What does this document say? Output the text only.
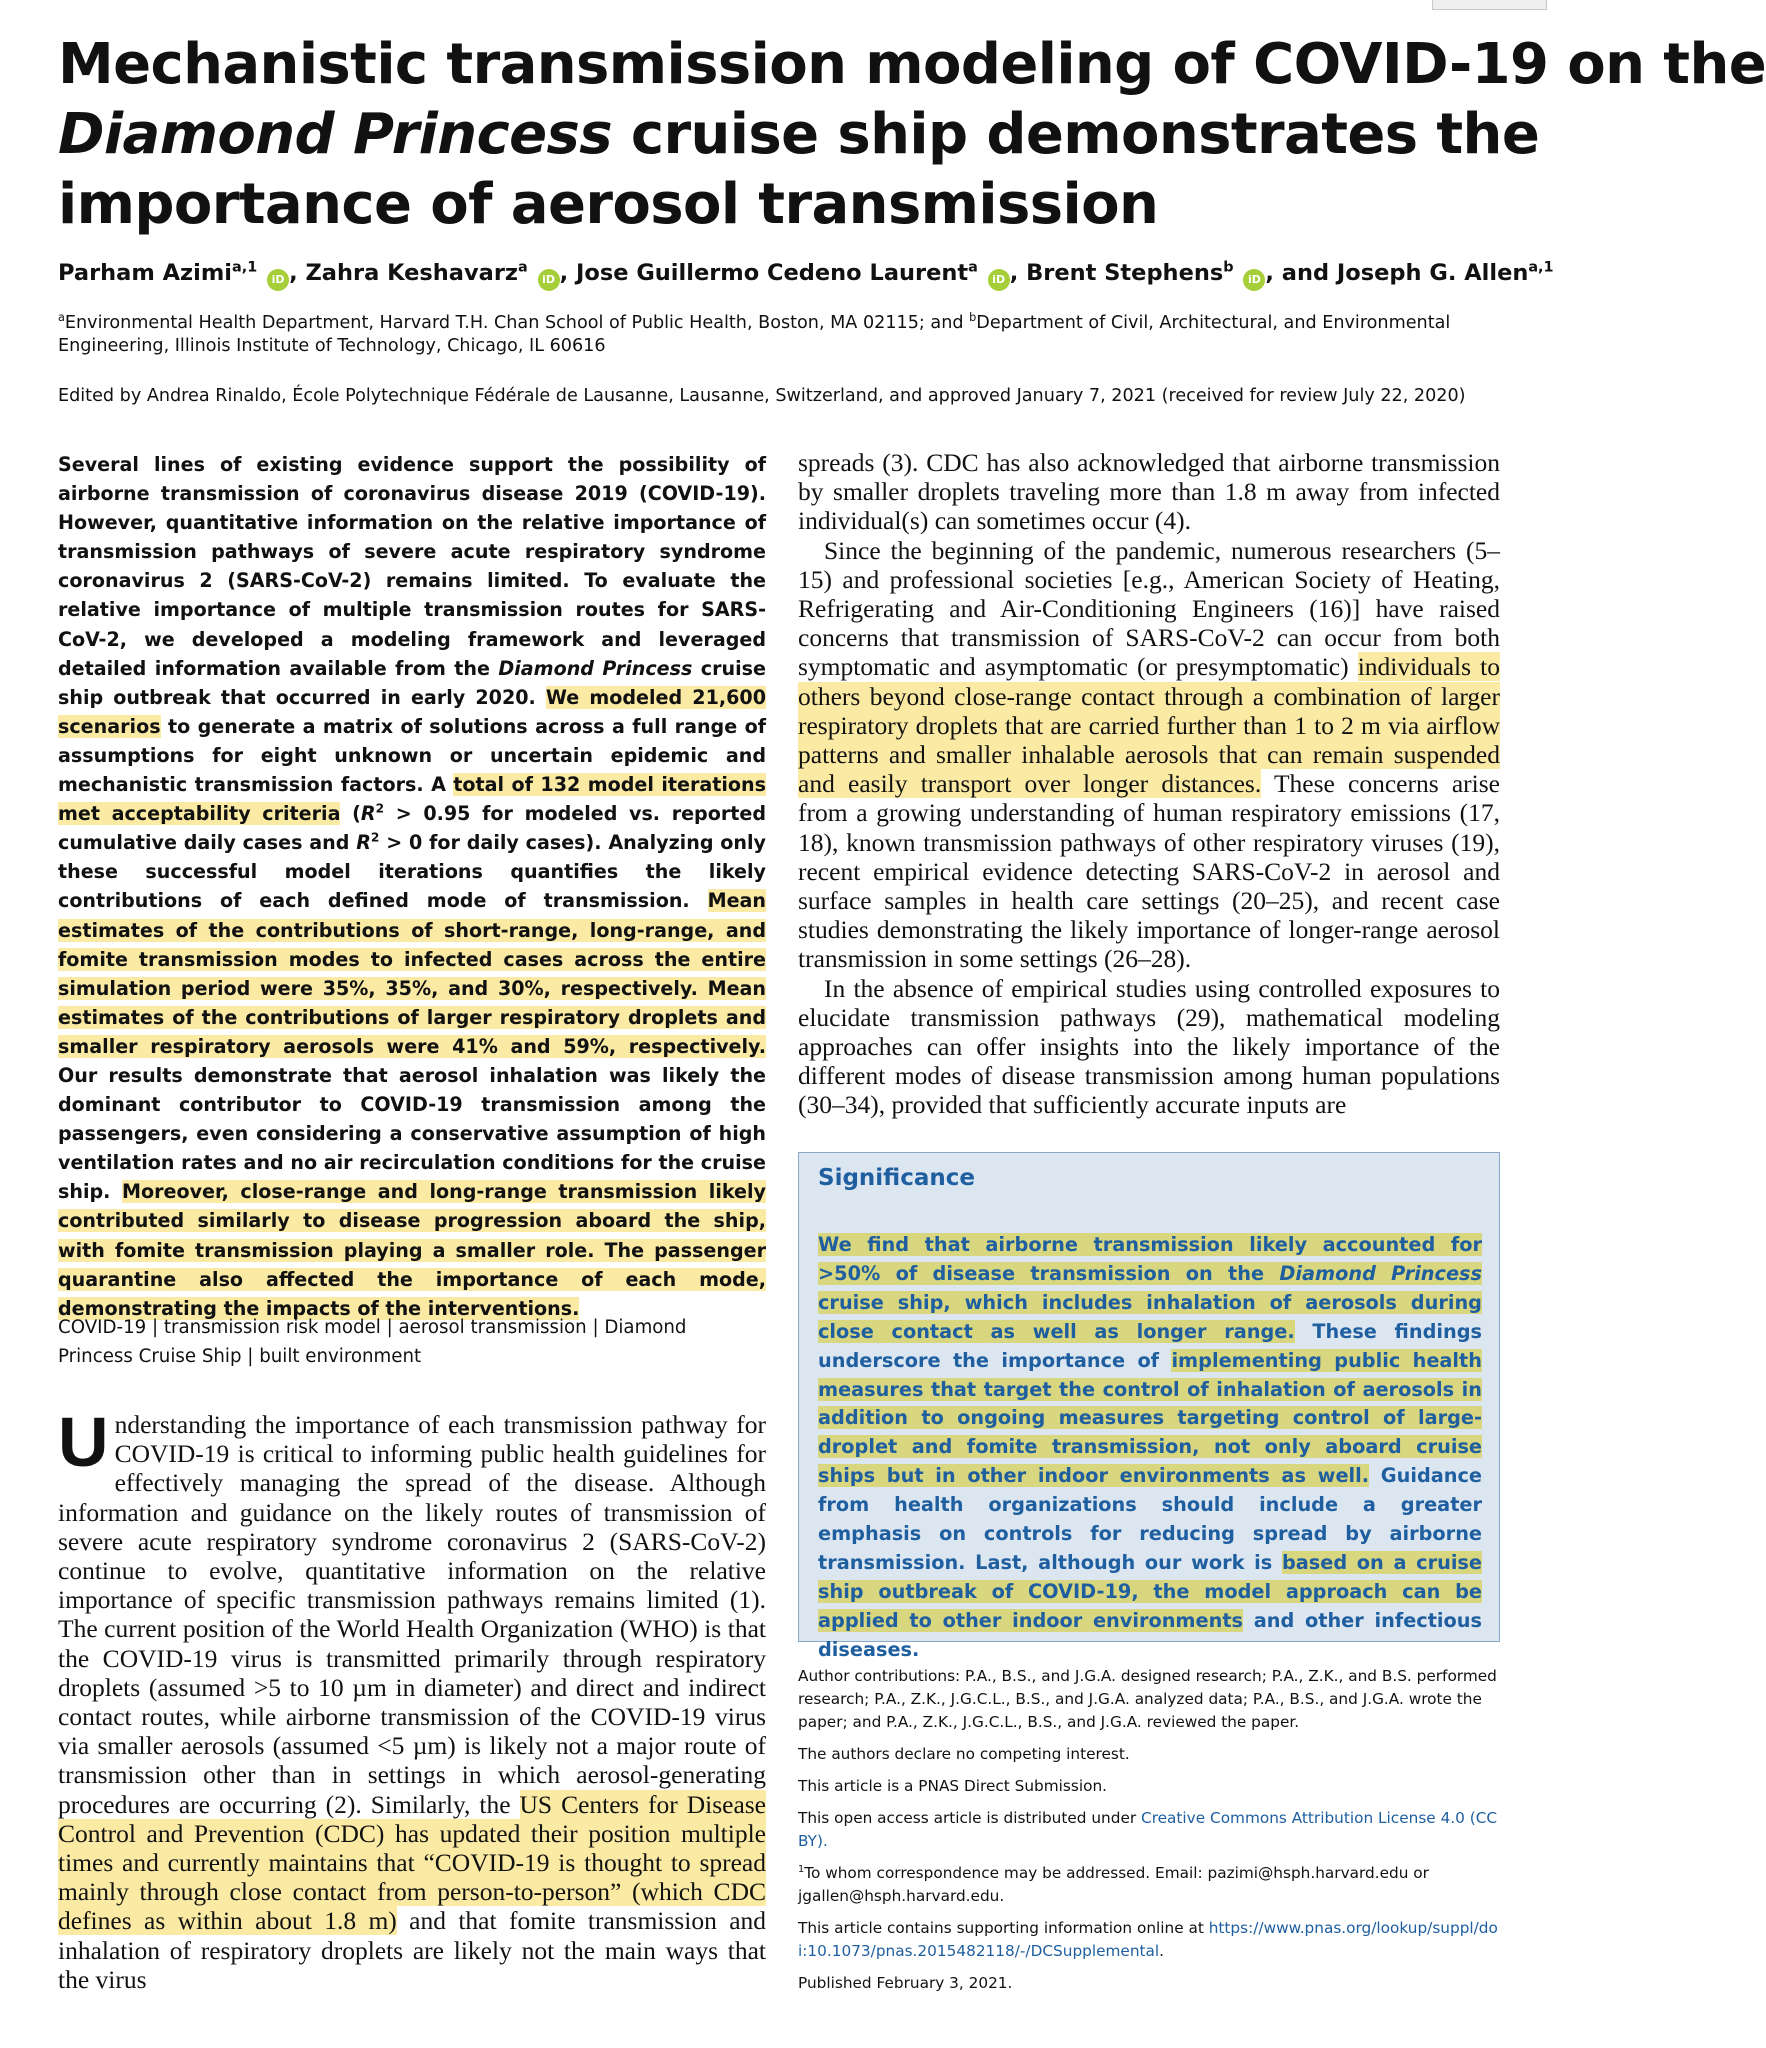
Mechanistic transmission modeling of COVID-19 on the
Diamond Princess cruise ship demonstrates the
importance of aerosol transmission
Parham Azimi$^{a,1}$ iD , Zahra Keshavarz$^a$ iD , Jose Guillermo Cedeno Laurent$^a$ iD , Brent Stephens$^b$ iD , and Joseph G. Allen$^{a,1}$
$^a$Environmental Health Department, Harvard T.H. Chan School of Public Health, Boston, MA 02115; and $^b$Department of Civil, Architectural, and Environmental Engineering, Illinois Institute of Technology, Chicago, IL 60616
Edited by Andrea Rinaldo, École Polytechnique Fédérale de Lausanne, Lausanne, Switzerland, and approved January 7, 2021 (received for review July 22, 2020)

Several lines of existing evidence support the possibility of airborne transmission of coronavirus disease 2019 (COVID-19). However, quantitative information on the relative importance of transmission pathways of severe acute respiratory syndrome coronavirus 2 (SARS-CoV-2) remains limited. To evaluate the relative importance of multiple transmission routes for SARS-CoV-2, we developed a modeling framework and leveraged detailed information available from the Diamond Princess cruise ship outbreak that occurred in early 2020. We modeled 21,600 scenarios to generate a matrix of solutions across a full range of assumptions for eight unknown or uncertain epidemic and mechanistic transmission factors. A total of 132 model iterations met acceptability criteria ($R^2 > 0.95$ for modeled vs. reported cumulative daily cases and $R^2 > 0$ for daily cases). Analyzing only these successful model iterations quantifies the likely contributions of each defined mode of transmission. Mean estimates of the contributions of short-range, long-range, and fomite transmission modes to infected cases across the entire simulation period were 35%, 35%, and 30%, respectively. Mean estimates of the contributions of larger respiratory droplets and smaller respiratory aerosols were 41% and 59%, respectively. Our results demonstrate that aerosol inhalation was likely the dominant contributor to COVID-19 transmission among the passengers, even considering a conservative assumption of high ventilation rates and no air recirculation conditions for the cruise ship. Moreover, close-range and long-range transmission likely contributed similarly to disease progression aboard the ship, with fomite transmission playing a smaller role. The passenger quarantine also affected the importance of each mode, demonstrating the impacts of the interventions.

COVID-19 | transmission risk model | aerosol transmission | Diamond Princess Cruise Ship | built environment

Understanding the importance of each transmission pathway for COVID-19 is critical to informing public health guidelines for effectively managing the spread of the disease. Although information and guidance on the likely routes of transmission of severe acute respiratory syndrome coronavirus 2 (SARS-CoV-2) continue to evolve, quantitative information on the relative importance of specific transmission pathways remains limited (1). The current position of the World Health Organization (WHO) is that the COVID-19 virus is transmitted primarily through respiratory droplets (assumed >5 to 10 µm in diameter) and direct and indirect contact routes, while airborne transmission of the COVID-19 virus via smaller aerosols (assumed <5 µm) is likely not a major route of transmission other than in settings in which aerosol-generating procedures are occurring (2). Similarly, the US Centers for Disease Control and Prevention (CDC) has updated their position multiple times and currently maintains that “COVID-19 is thought to spread mainly through close contact from person-to-person” (which CDC defines as within about 1.8 m) and that fomite transmission and inhalation of respiratory droplets are likely not the main ways that the virus

spreads (3). CDC has also acknowledged that airborne transmission by smaller droplets traveling more than 1.8 m away from infected individual(s) can sometimes occur (4).

Since the beginning of the pandemic, numerous researchers (5–15) and professional societies [e.g., American Society of Heating, Refrigerating and Air-Conditioning Engineers (16)] have raised concerns that transmission of SARS-CoV-2 can occur from both symptomatic and asymptomatic (or presymptomatic) individuals to others beyond close-range contact through a combination of larger respiratory droplets that are carried further than 1 to 2 m via airflow patterns and smaller inhalable aerosols that can remain suspended and easily transport over longer distances. These concerns arise from a growing understanding of human respiratory emissions (17, 18), known transmission pathways of other respiratory viruses (19), recent empirical evidence detecting SARS-CoV-2 in aerosol and surface samples in health care settings (20–25), and recent case studies demonstrating the likely importance of longer-range aerosol transmission in some settings (26–28).

In the absence of empirical studies using controlled exposures to elucidate transmission pathways (29), mathematical modeling approaches can offer insights into the likely importance of the different modes of disease transmission among human populations (30–34), provided that sufficiently accurate inputs are

Significance

We find that airborne transmission likely accounted for >50% of disease transmission on the Diamond Princess cruise ship, which includes inhalation of aerosols during close contact as well as longer range. These findings underscore the importance of implementing public health measures that target the control of inhalation of aerosols in addition to ongoing measures targeting control of large-droplet and fomite transmission, not only aboard cruise ships but in other indoor environments as well. Guidance from health organizations should include a greater emphasis on controls for reducing spread by airborne transmission. Last, although our work is based on a cruise ship outbreak of COVID-19, the model approach can be applied to other indoor environments and other infectious diseases.

Author contributions: P.A., B.S., and J.G.A. designed research; P.A., Z.K., and B.S. performed research; P.A., Z.K., J.G.C.L., B.S., and J.G.A. analyzed data; P.A., B.S., and J.G.A. wrote the paper; and P.A., Z.K., J.G.C.L., B.S., and J.G.A. reviewed the paper.

The authors declare no competing interest.

This article is a PNAS Direct Submission.

This open access article is distributed under Creative Commons Attribution License 4.0 (CC BY).

$^1$To whom correspondence may be addressed. Email: pazimi@hsph.harvard.edu or jgallen@hsph.harvard.edu.

This article contains supporting information online at https://www.pnas.org/lookup/suppl/doi:10.1073/pnas.2015482118/-/DCSupplemental.

Published February 3, 2021.
